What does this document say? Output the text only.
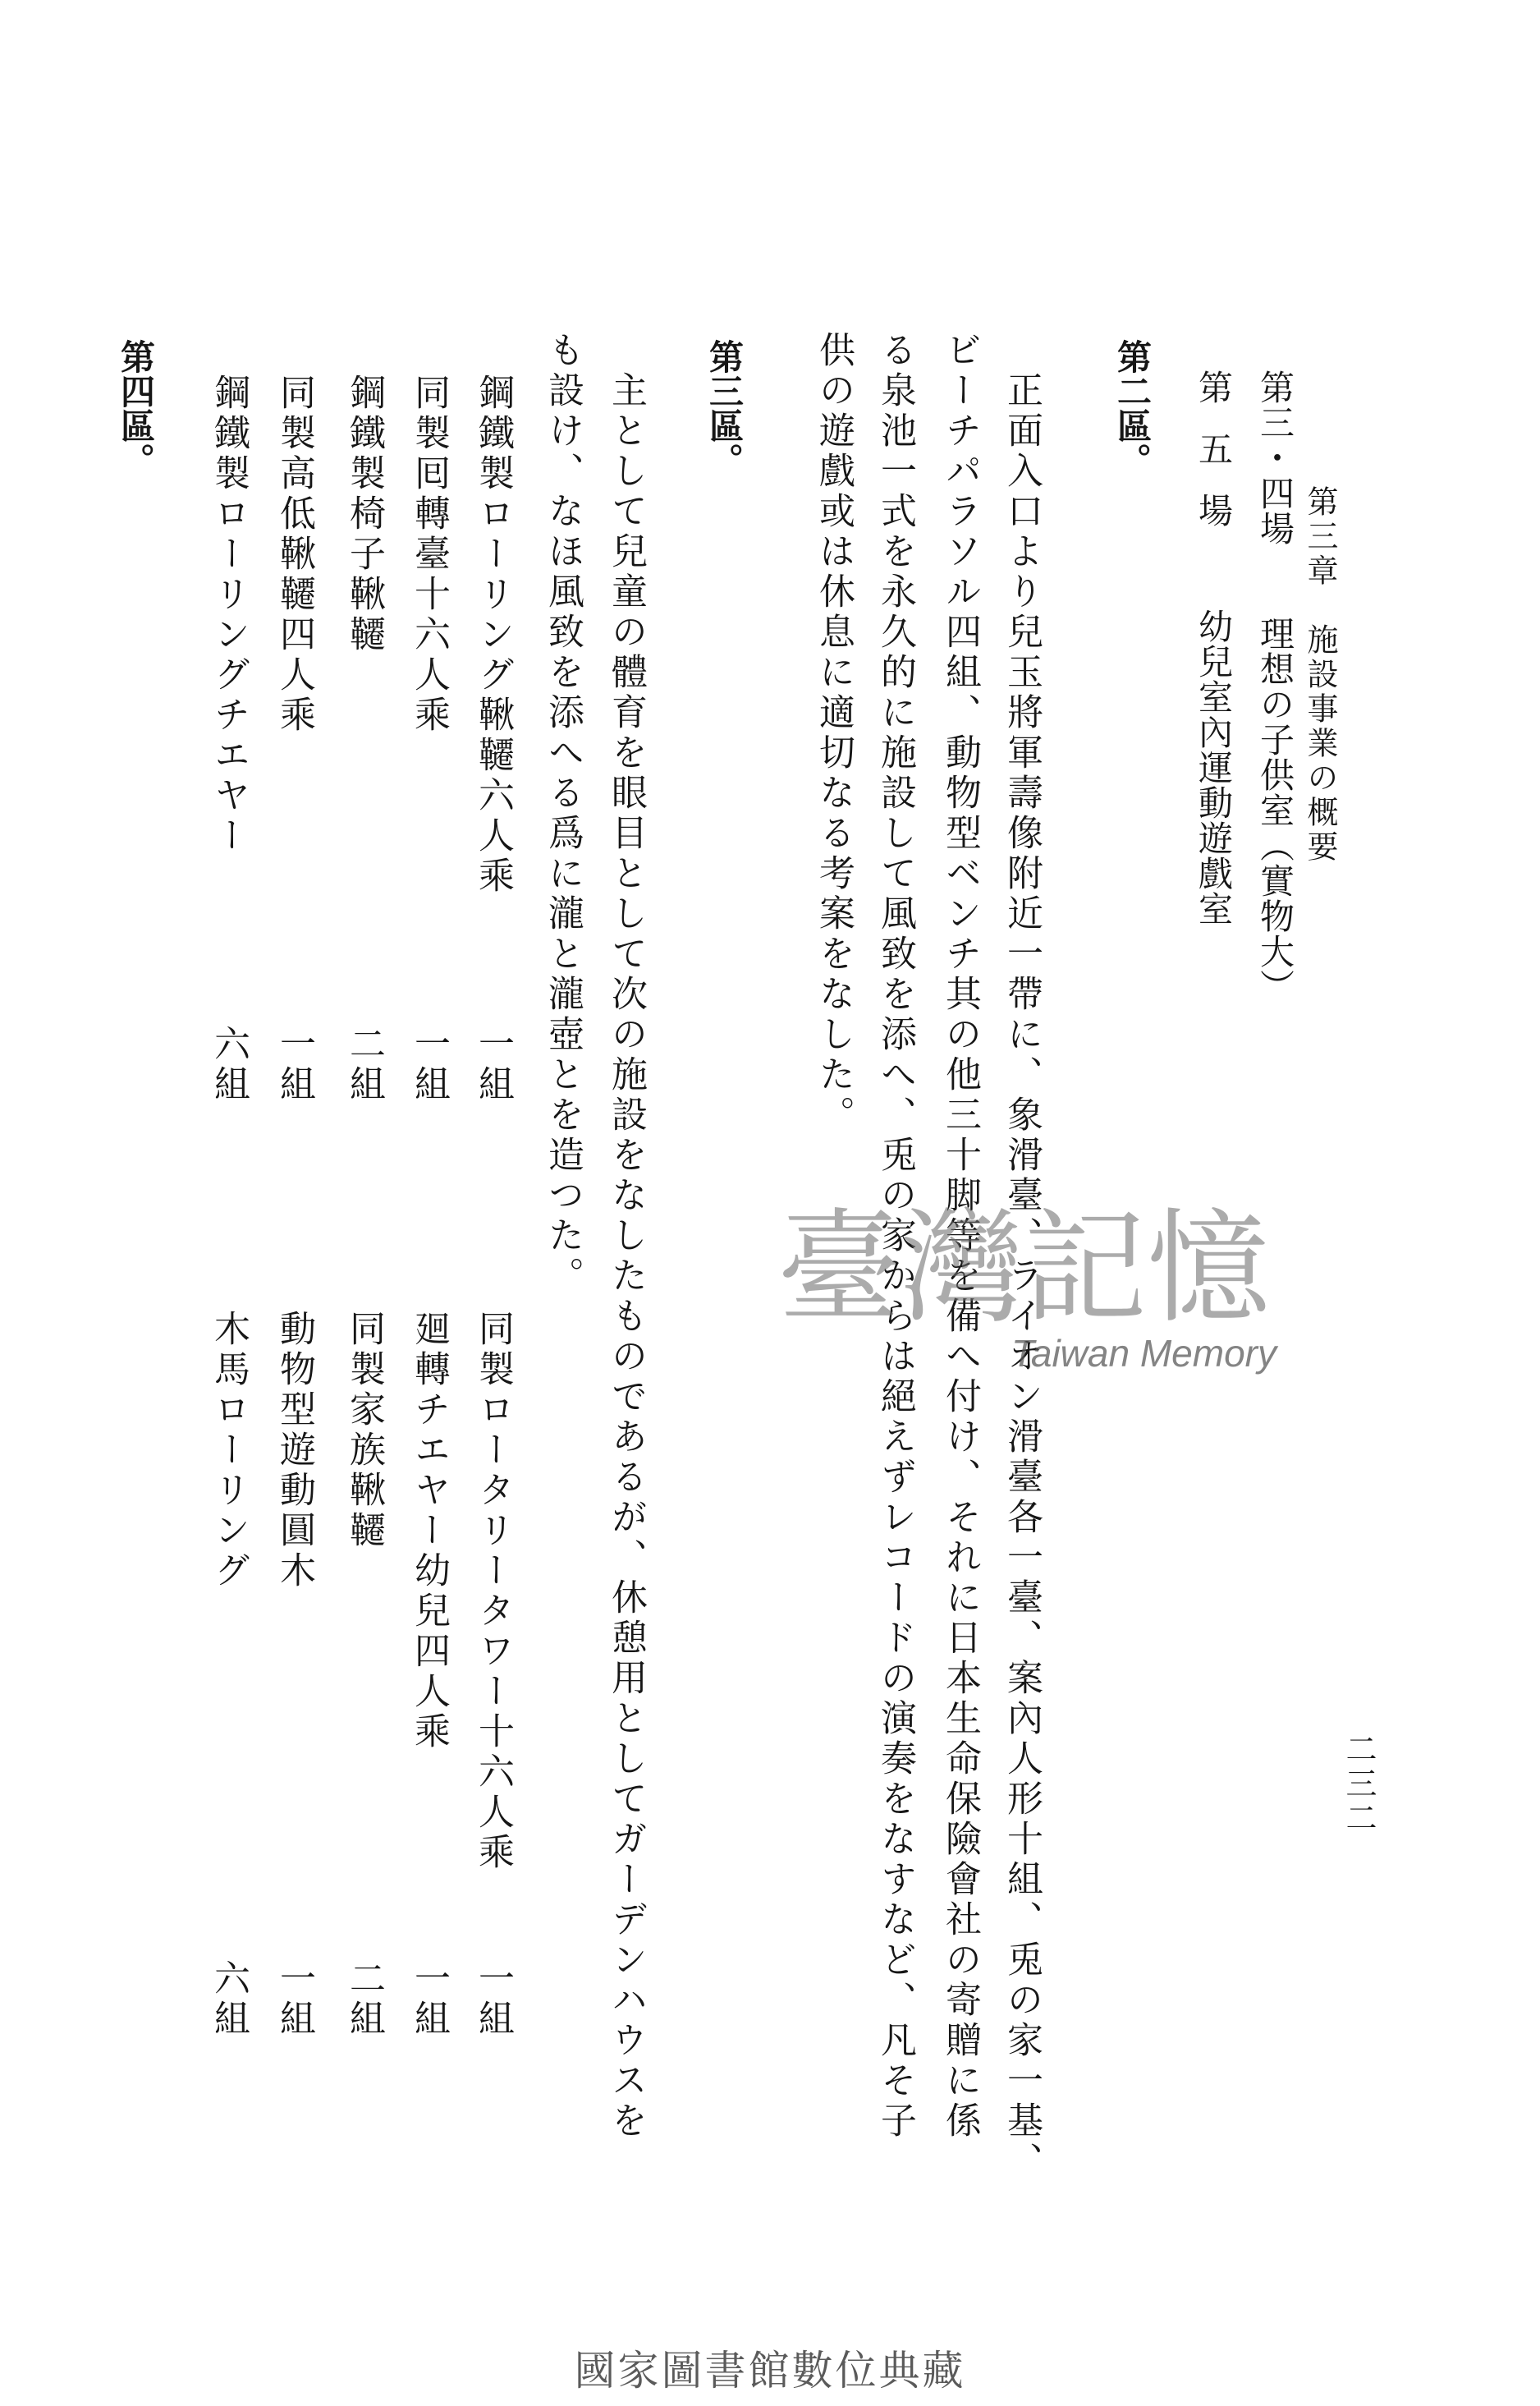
第三章　施設事業の概要
二三二
第三・四場
理想の子供室（實物大）
第五場
幼兒室內運動遊戲室
第二區。
正面入口より兒玉將軍壽像附近一帶に、象滑臺、ライオン滑臺各一臺、案內人形十組、兎の家一基、
ビーチパラソル四組、動物型ベンチ其の他三十脚等を備へ付け、それに日本生命保險會社の寄贈に係
る泉池一式を永久的に施設して風致を添へ、兎の家からは絕えずレコードの演奏をなすなど、凡そ子
供の遊戲或は休息に適切なる考案をなした。
第三區。
主として兒童の體育を眼目として次の施設をなしたものであるが、休憩用としてガーデンハウスを
も設け、なほ風致を添へる爲に瀧と瀧壺とを造つた。
鋼鐵製ローリング鞦韆六人乘
一組
同製ロータリータワー十六人乘
一組
同製囘轉臺十六人乘
一組
廻轉チエヤー幼兒四人乘
一組
鋼鐵製椅子鞦韆
二組
同製家族鞦韆
二組
同製高低鞦韆四人乘
一組
動物型遊動圓木
一組
鋼鐵製ローリングチエヤー
六組
木馬ローリング
六組
第四區。
臺灣記憶
Taiwan Memory
國家圖書館數位典藏
